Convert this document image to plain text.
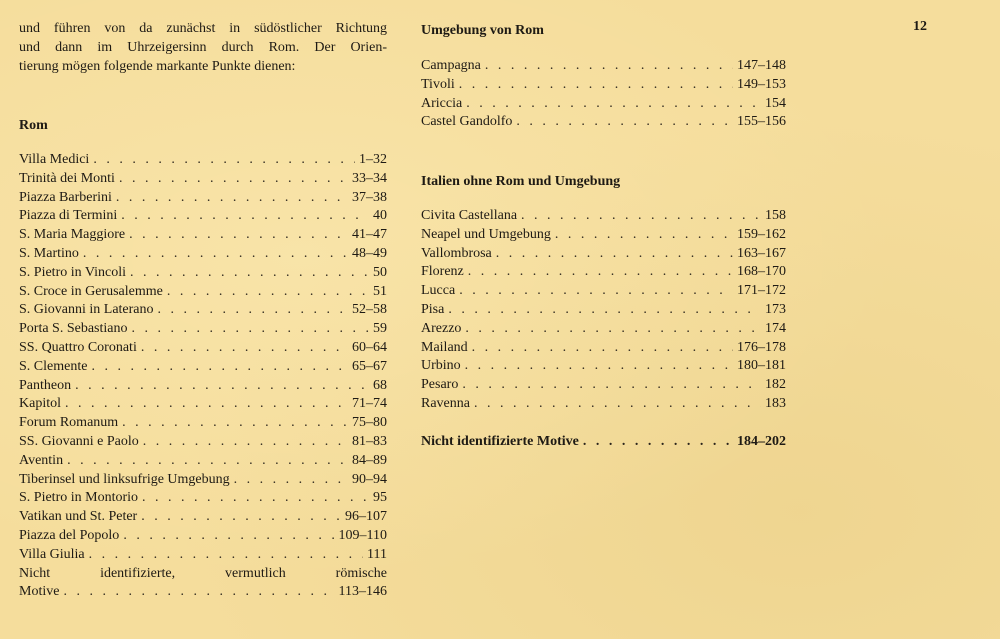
und führen von da zunächst in südöstlicher Richtung
und dann im Uhrzeigersinn durch Rom. Der Orien-
tierung mögen folgende markante Punkte dienen:
Rom
Villa Medici . . .	1–32
Trinità dei Monti . . .	33–34
Piazza Barberini . . .	37–38
Piazza di Termini . . .	40
S. Maria Maggiore . . .	41–47
S. Martino . . .	48–49
S. Pietro in Vincoli . . .	50
S. Croce in Gerusalemme . . .	51
S. Giovanni in Laterano . . .	52–58
Porta S. Sebastiano . . .	59
SS. Quattro Coronati . . .	60–64
S. Clemente . . .	65–67
Pantheon . . .	68
Kapitol . . .	71–74
Forum Romanum . . .	75–80
SS. Giovanni e Paolo . . .	81–83
Aventin . . .	84–89
Tiberinsel und linksufrige Umgebung . . .	90–94
S. Pietro in Montorio . . .	95
Vatikan und St. Peter . . .	96–107
Piazza del Popolo . . .	109–110
Villa Giulia . . .	111
Nicht identifizierte, vermutlich römische
Motive . . .	113–146
Umgebung von Rom	12
Campagna . . .	147–148
Tivoli . . .	149–153
Ariccia . . .	154
Castel Gandolfo . . .	155–156
Italien ohne Rom und Umgebung
Civita Castellana . . .	158
Neapel und Umgebung . . .	159–162
Vallombrosa . . .	163–167
Florenz . . .	168–170
Lucca . . .	171–172
Pisa . . .	173
Arezzo . . .	174
Mailand . . .	176–178
Urbino . . .	180–181
Pesaro . . .	182
Ravenna . . .	183
Nicht identifizierte Motive . . .	184–202
